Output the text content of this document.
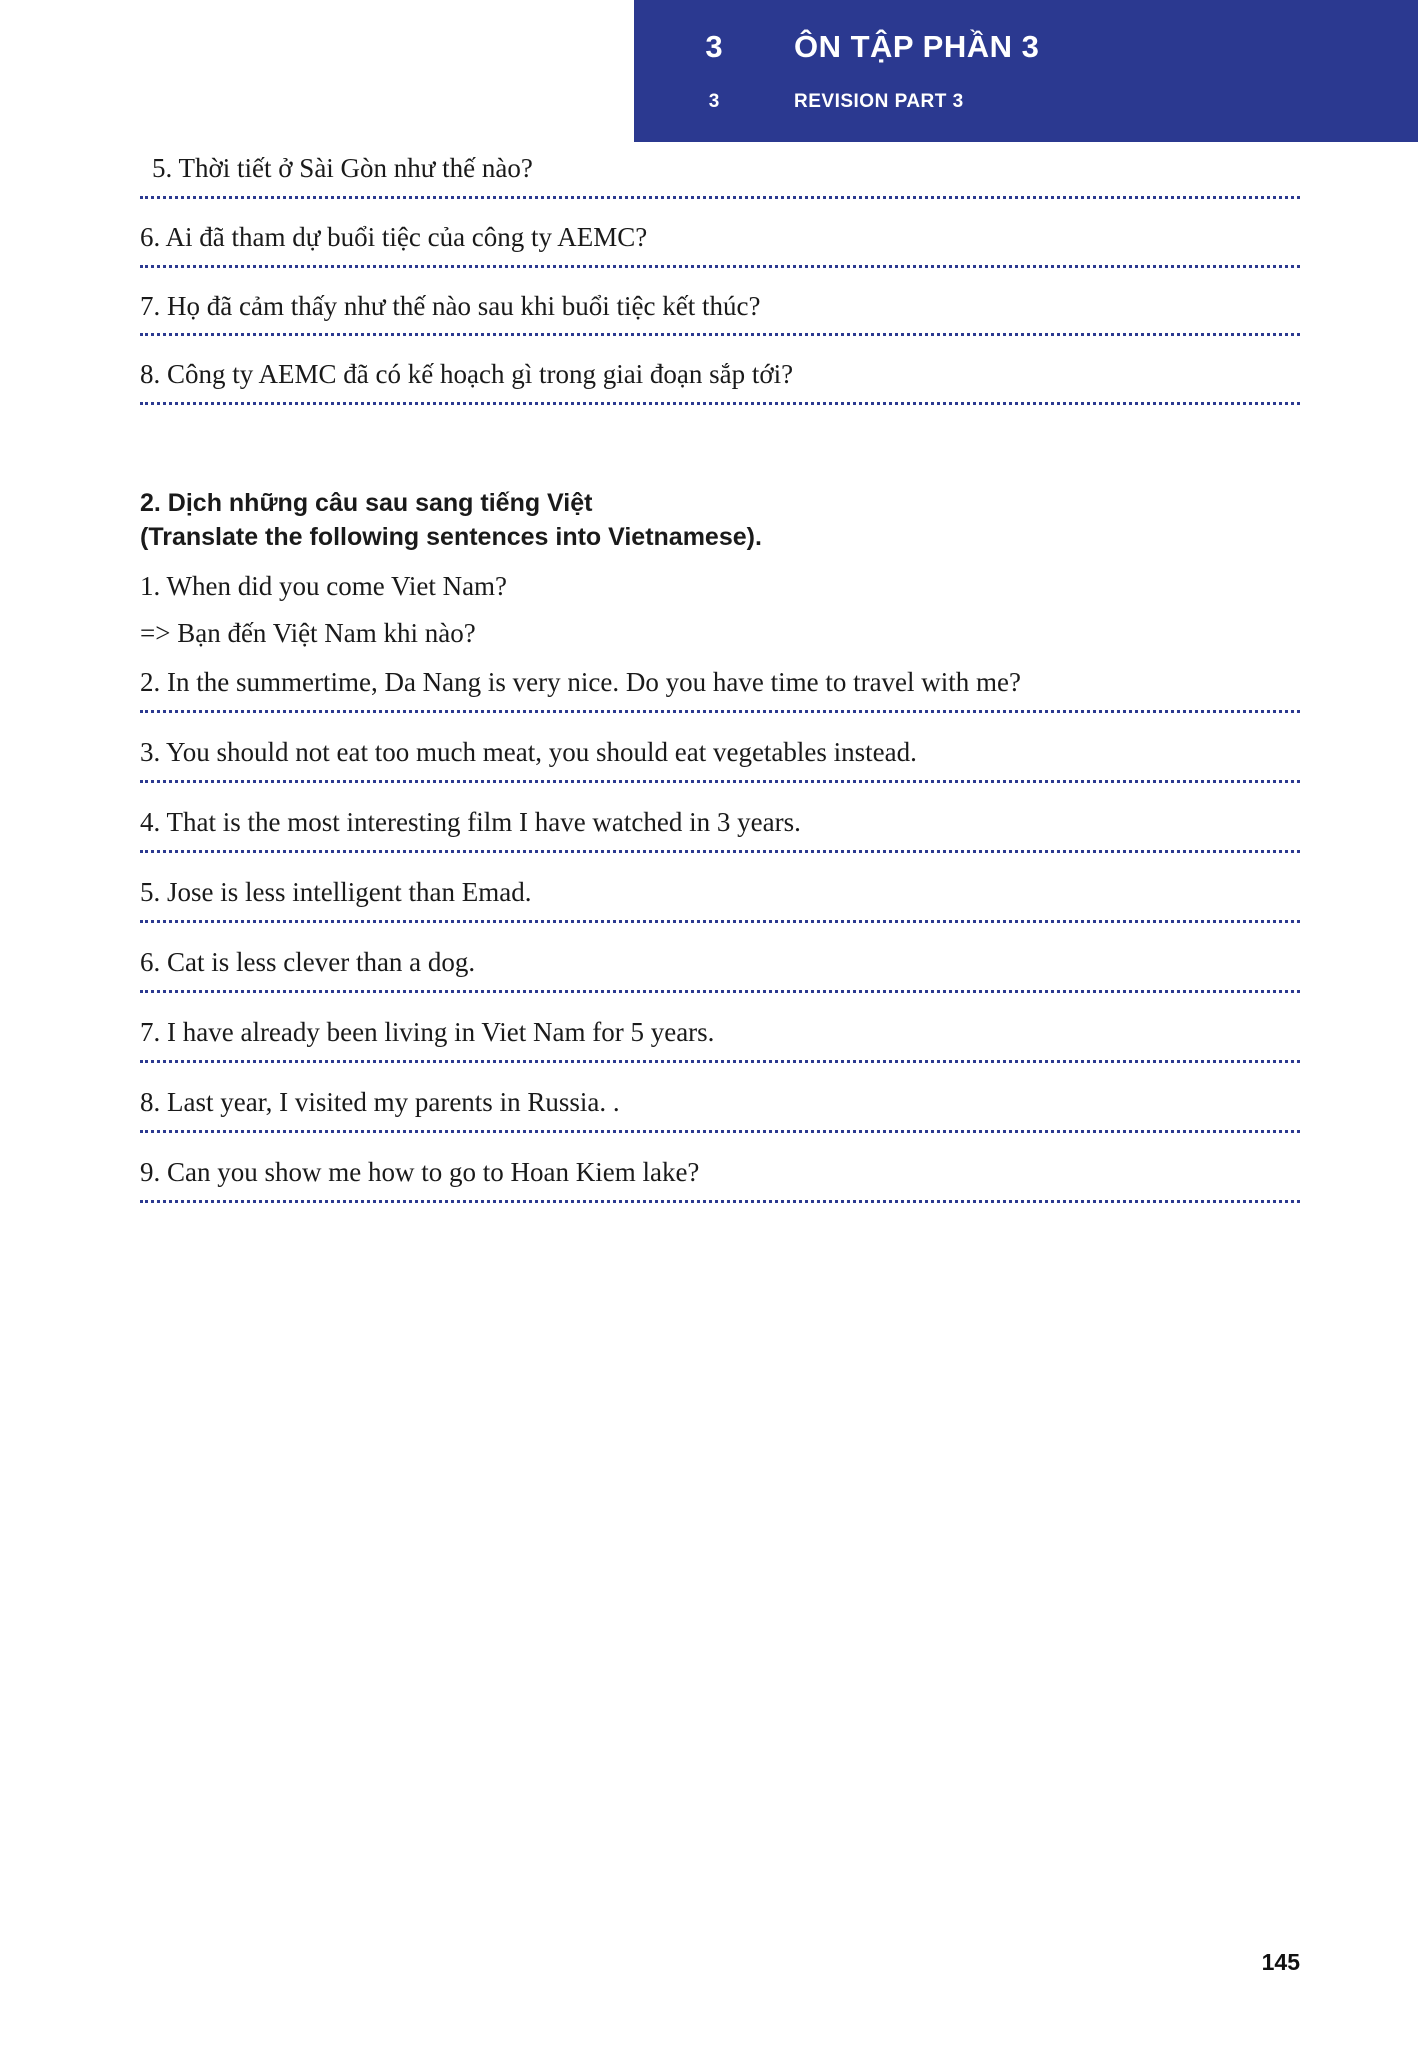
3	ÔN TẬP PHẦN 3
3	REVISION PART 3

5. Thời tiết ở Sài Gòn như thế nào?

6. Ai đã tham dự buổi tiệc của công ty AEMC?

7. Họ đã cảm thấy như thế nào sau khi buổi tiệc kết thúc?

8. Công ty AEMC đã có kế hoạch gì trong giai đoạn sắp tới?

2. Dịch những câu sau sang tiếng Việt
(Translate the following sentences into Vietnamese).

1. When did you come Viet Nam?

=> Bạn đến Việt Nam khi nào?

2. In the summertime, Da Nang is very nice. Do you have time to travel with me?

3. You should not eat too much meat, you should eat vegetables instead.

4. That is the most interesting film I have watched in 3 years.

5. Jose is less intelligent than Emad.

6. Cat is less clever than a dog.

7. I have already been living in Viet Nam for 5 years.

8. Last year, I visited my parents in Russia. .

9. Can you show me how to go to Hoan Kiem lake?

145
